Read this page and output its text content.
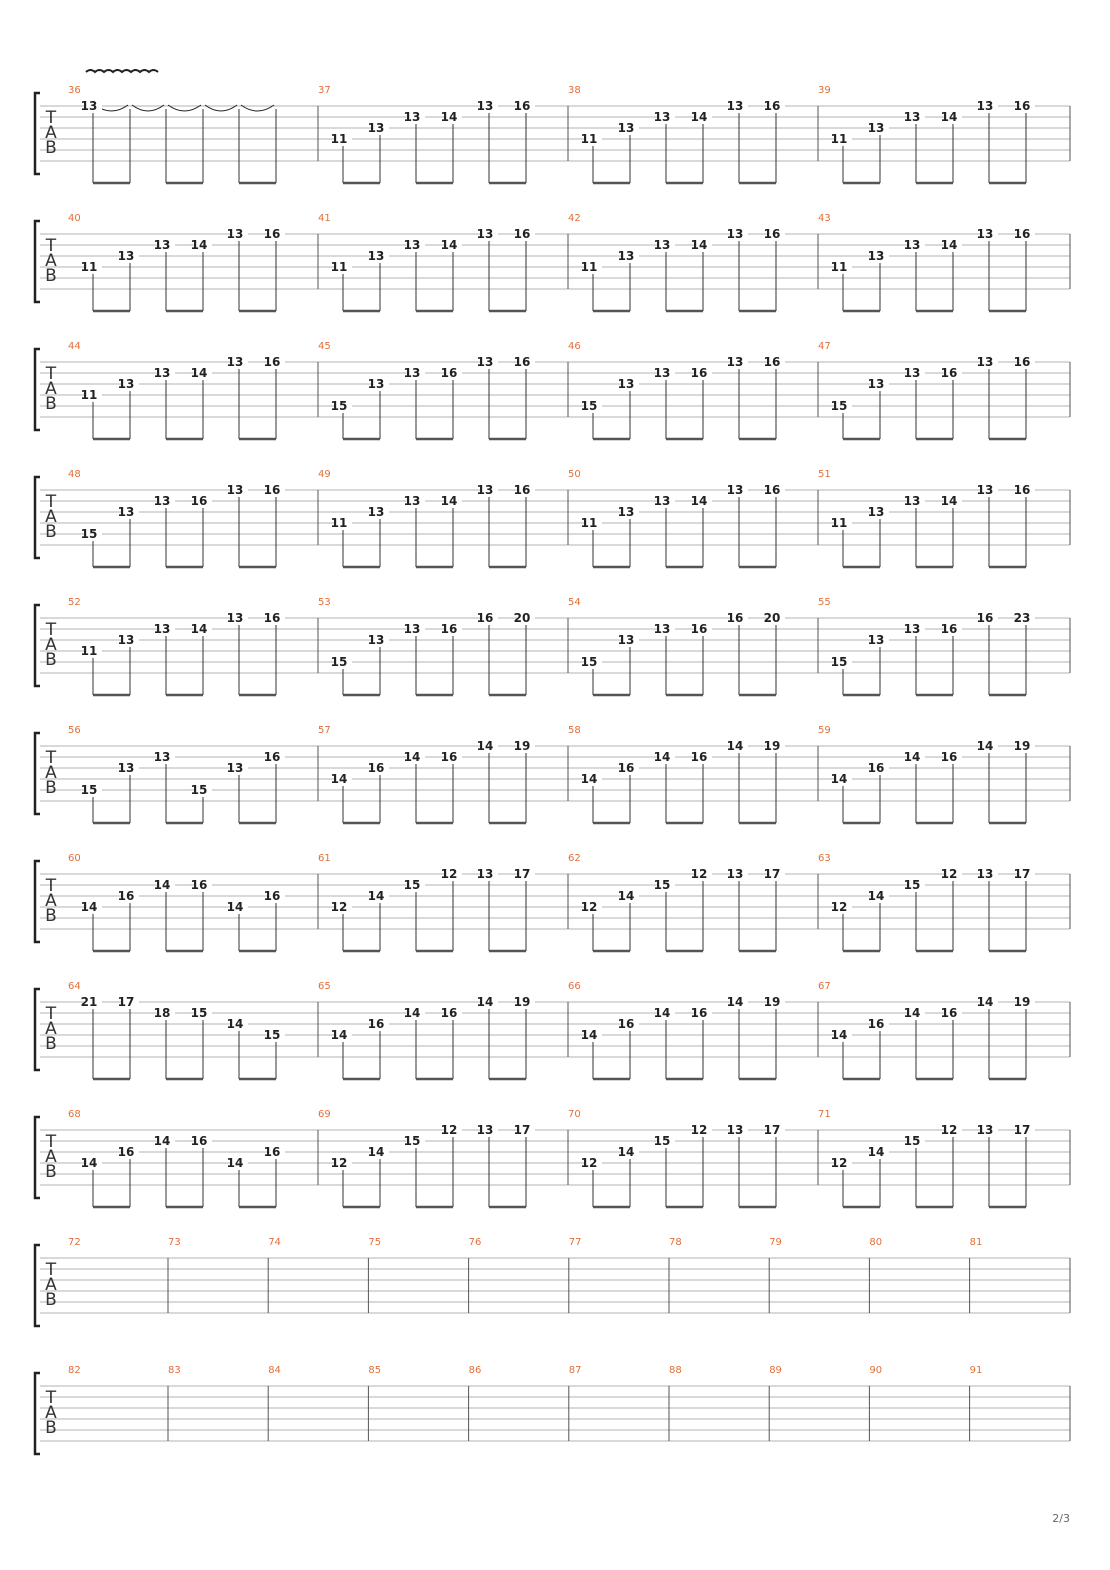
T
A
B
36
13
37
11
13
13 14
13 16
38
11
13
13 14
13 16
39
11
13
13 14
13 16
T
A
B
40
11
13
13 14
13 16
41
11
13
13 14
13 16
42
11
13
13 14
13 16
43
11
13
13 14
13 16
T
A
B
44
11
13
13 14
13 16
45
15
13
13 16
13 16
46
15
13
13 16
13 16
47
15
13
13 16
13 16
T
A
B
48
15
13
13 16
13 16
49
11
13
13 14
13 16
50
11
13
13 14
13 16
51
11
13
13 14
13 16
T
A
B
52
11
13
13 14
13 16
53
15
13
13 16
16 20
54
15
13
13 16
16 20
55
15
13
13 16
16 23
T
A
B
56
15
13
13
15
13
16
57
14
16
14 16
14 19
58
14
16
14 16
14 19
59
14
16
14 16
14 19
T
A
B
60
14
16
14 16
14
16
61
12
14
15
12 13 17
62
12
14
15
12 13 17
63
12
14
15
12 13 17
T
A
B
64
21 17
18 15
14
15
65
14
16
14 16
14 19
66
14
16
14 16
14 19
67
14
16
14 16
14 19
T
A
B
68
14
16
14 16
14
16
69
12
14
15
12 13 17
70
12
14
15
12 13 17
71
12
14
15
12 13 17
T
A
B
72	73	74	75	76	77	78	79	80	81
T
A
B
82	83	84	85	86	87	88	89	90	91
2/3
